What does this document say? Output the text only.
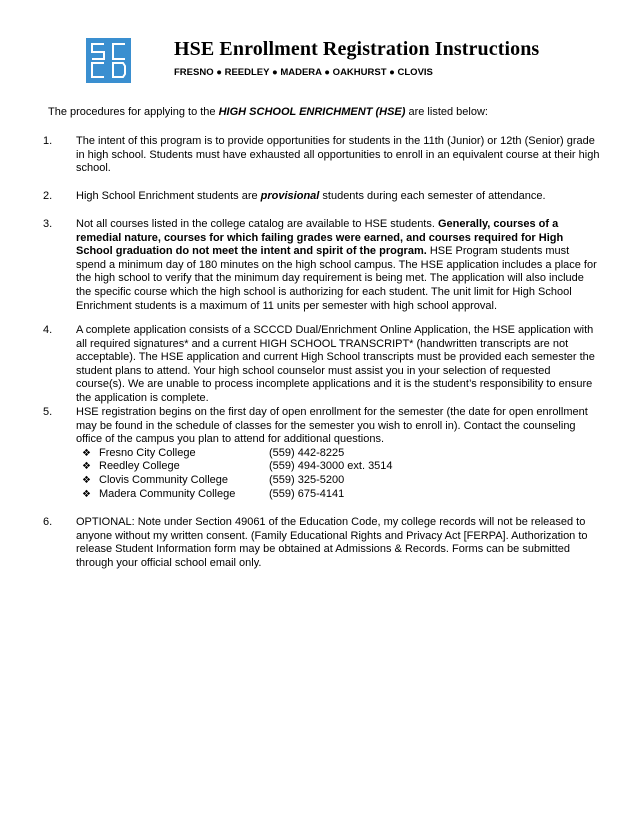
HSE Enrollment Registration Instructions
FRESNO ● REEDLEY ● MADERA ● OAKHURST ● CLOVIS
The procedures for applying to the HIGH SCHOOL ENRICHMENT (HSE) are listed below:
1. The intent of this program is to provide opportunities for students in the 11th (Junior) or 12th (Senior) grade in high school. Students must have exhausted all opportunities to enroll in an equivalent course at their high school.
2. High School Enrichment students are provisional students during each semester of attendance.
3. Not all courses listed in the college catalog are available to HSE students. Generally, courses of a remedial nature, courses for which failing grades were earned, and courses required for High School graduation do not meet the intent and spirit of the program. HSE Program students must spend a minimum day of 180 minutes on the high school campus. The HSE application includes a place for the high school to verify that the minimum day requirement is being met. The application will also include the specific course which the high school is authorizing for each student. The unit limit for High School Enrichment students is a maximum of 11 units per semester with high school approval.
4. A complete application consists of a SCCCD Dual/Enrichment Online Application, the HSE application with all required signatures* and a current HIGH SCHOOL TRANSCRIPT* (handwritten transcripts are not acceptable). The HSE application and current High School transcripts must be provided each semester the student plans to attend. Your high school counselor must assist you in your selection of requested course(s). We are unable to process incomplete applications and it is the student’s responsibility to ensure the application is complete.
5. HSE registration begins on the first day of open enrollment for the semester (the date for open enrollment may be found in the schedule of classes for the semester you wish to enroll in). Contact the counseling office of the campus you plan to attend for additional questions.
❖ Fresno City College	(559) 442-8225
❖ Reedley College	(559) 494-3000 ext. 3514
❖ Clovis Community College	(559) 325-5200
❖ Madera Community College	(559) 675-4141
6. OPTIONAL: Note under Section 49061 of the Education Code, my college records will not be released to anyone without my written consent. (Family Educational Rights and Privacy Act [FERPA]. Authorization to release Student Information form may be obtained at Admissions & Records. Forms can be submitted through your official school email only.
